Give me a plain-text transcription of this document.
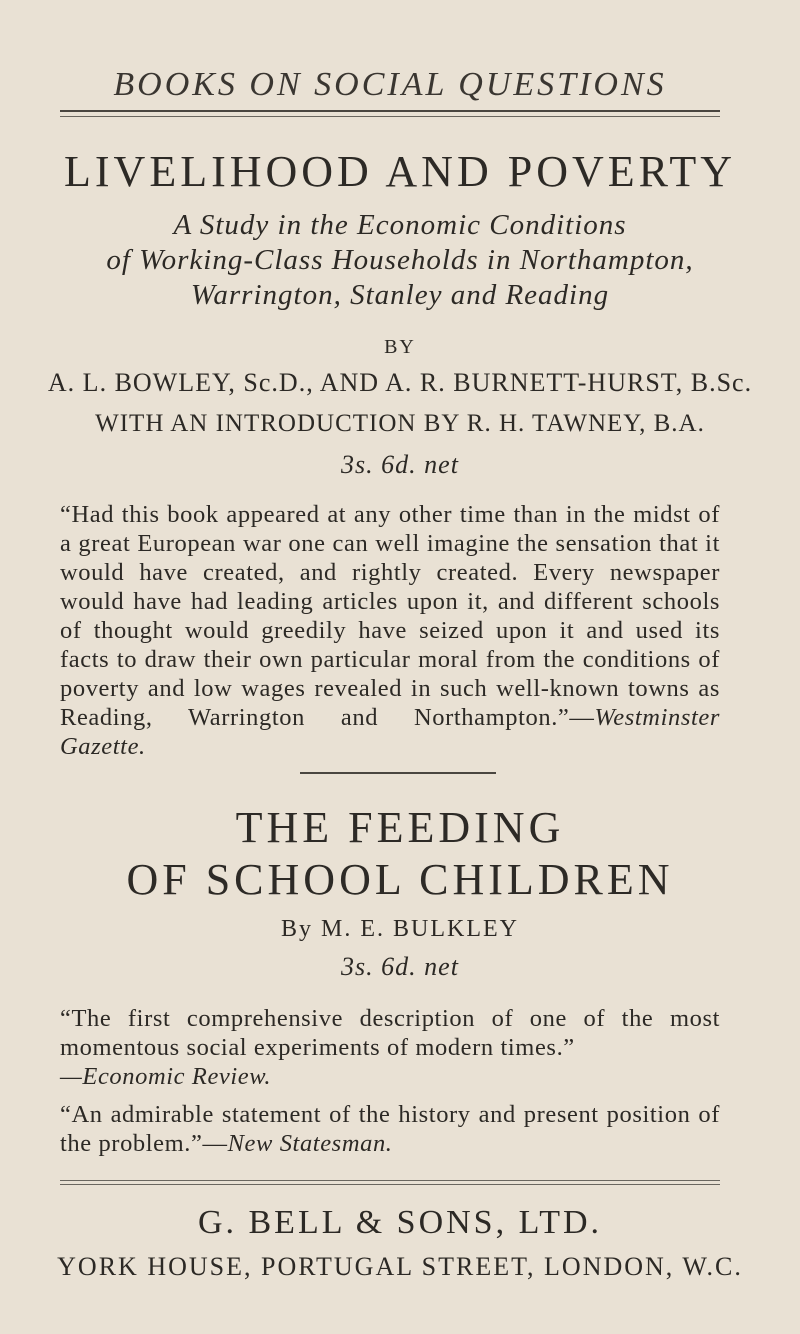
BOOKS ON SOCIAL QUESTIONS
LIVELIHOOD AND POVERTY
A Study in the Economic Conditions
of Working-Class Households in Northampton,
Warrington, Stanley and Reading
BY
A. L. BOWLEY, Sc.D., AND A. R. BURNETT-HURST, B.Sc.
WITH AN INTRODUCTION BY R. H. TAWNEY, B.A.
3s. 6d. net
“Had this book appeared at any other time than in the midst of a great European war one can well imagine the sensation that it would have created, and rightly created. Every newspaper would have had leading articles upon it, and different schools of thought would greedily have seized upon it and used its facts to draw their own particular moral from the conditions of poverty and low wages revealed in such well-known towns as Reading, Warrington and Northampton.”—Westminster Gazette.
THE FEEDING
OF SCHOOL CHILDREN
By M. E. BULKLEY
3s. 6d. net
“The first comprehensive description of one of the most momentous social experiments of modern times.”
—Economic Review.
“An admirable statement of the history and present position of the problem.”—New Statesman.
G. BELL & SONS, LTD.
YORK HOUSE, PORTUGAL STREET, LONDON, W.C.
